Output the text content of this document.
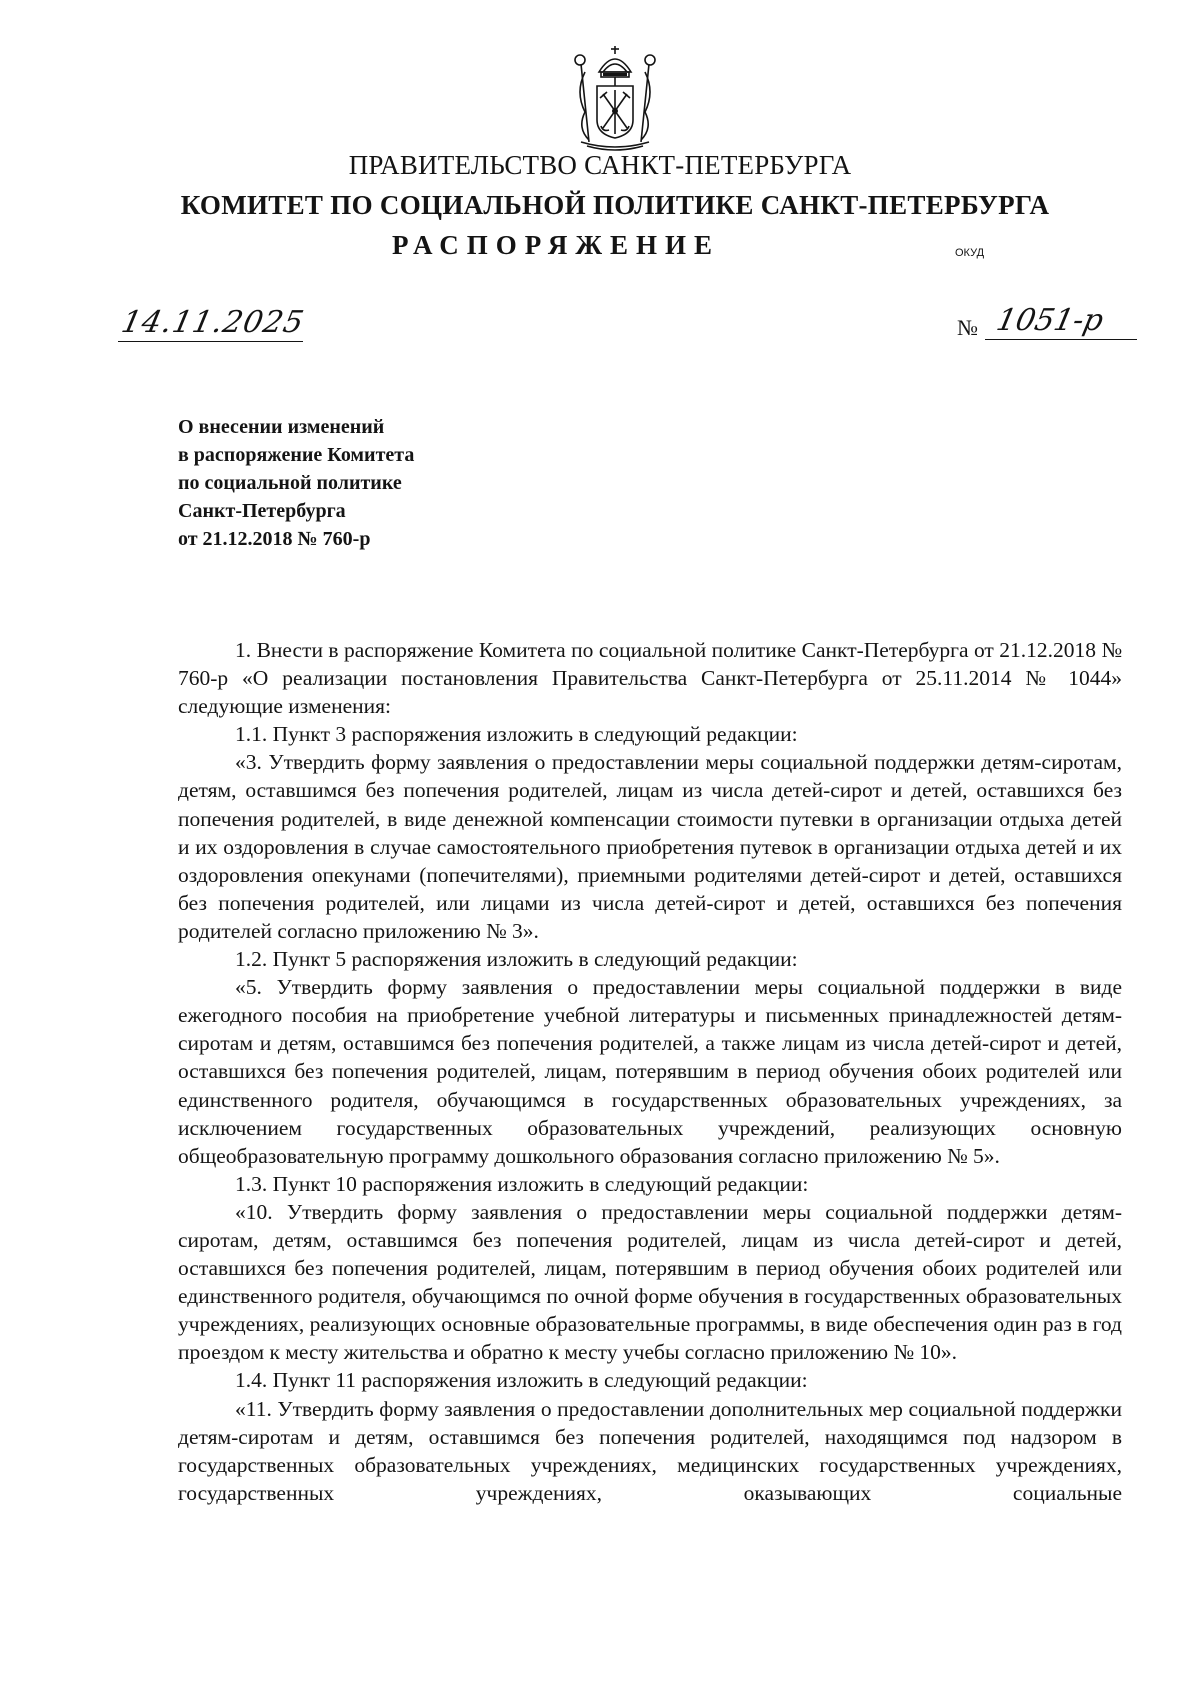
ПРАВИТЕЛЬСТВО САНКТ-ПЕТЕРБУРГА
КОМИТЕТ ПО СОЦИАЛЬНОЙ ПОЛИТИКЕ САНКТ-ПЕТЕРБУРГА
РАСПОРЯЖЕНИЕ	ОКУД
14.11.2025	№ 1051-р
О внесении изменений
в распоряжение Комитета
по социальной политике
Санкт-Петербурга
от 21.12.2018 № 760-р

1. Внести в распоряжение Комитета по социальной политике Санкт-Петербурга от 21.12.2018 № 760-р «О реализации постановления Правительства Санкт-Петербурга от 25.11.2014 № 1044» следующие изменения:

1.1. Пункт 3 распоряжения изложить в следующий редакции:

«3. Утвердить форму заявления о предоставлении меры социальной поддержки детям-сиротам, детям, оставшимся без попечения родителей, лицам из числа детей-сирот и детей, оставшихся без попечения родителей, в виде денежной компенсации стоимости путевки в организации отдыха детей и их оздоровления в случае самостоятельного приобретения путевок в организации отдыха детей и их оздоровления опекунами (попечителями), приемными родителями детей-сирот и детей, оставшихся без попечения родителей, или лицами из числа детей-сирот и детей, оставшихся без попечения родителей согласно приложению № 3».

1.2. Пункт 5 распоряжения изложить в следующий редакции:

«5. Утвердить форму заявления о предоставлении меры социальной поддержки в виде ежегодного пособия на приобретение учебной литературы и письменных принадлежностей детям-сиротам и детям, оставшимся без попечения родителей, а также лицам из числа детей-сирот и детей, оставшихся без попечения родителей, лицам, потерявшим в период обучения обоих родителей или единственного родителя, обучающимся в государственных образовательных учреждениях, за исключением государственных образовательных учреждений, реализующих основную общеобразовательную программу дошкольного образования согласно приложению № 5».

1.3. Пункт 10 распоряжения изложить в следующий редакции:

«10. Утвердить форму заявления о предоставлении меры социальной поддержки детям-сиротам, детям, оставшимся без попечения родителей, лицам из числа детей-сирот и детей, оставшихся без попечения родителей, лицам, потерявшим в период обучения обоих родителей или единственного родителя, обучающимся по очной форме обучения в государственных образовательных учреждениях, реализующих основные образовательные программы, в виде обеспечения один раз в год проездом к месту жительства и обратно к месту учебы согласно приложению № 10».

1.4. Пункт 11 распоряжения изложить в следующий редакции:

«11. Утвердить форму заявления о предоставлении дополнительных мер социальной поддержки детям-сиротам и детям, оставшимся без попечения родителей, находящимся под надзором в государственных образовательных учреждениях, медицинских государственных учреждениях, государственных учреждениях, оказывающих социальные
